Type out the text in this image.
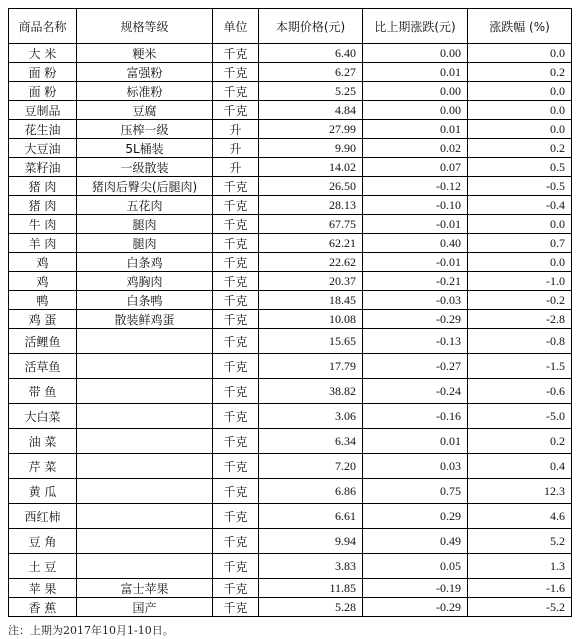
商品名称	规格等级	单位	本期价格(元)	比上期涨跌(元)	涨跌幅 (%)
大 米	粳米	千克	6.40	0.00	0.0
面 粉	富强粉	千克	6.27	0.01	0.2
面 粉	标准粉	千克	5.25	0.00	0.0
豆制品	豆腐	千克	4.84	0.00	0.0
花生油	压榨一级	升	27.99	0.01	0.0
大豆油	5L桶装	升	9.90	0.02	0.2
菜籽油	一级散装	升	14.02	0.07	0.5
猪 肉	猪肉后臀尖(后腿肉)	千克	26.50	-0.12	-0.5
猪 肉	五花肉	千克	28.13	-0.10	-0.4
牛 肉	腿肉	千克	67.75	-0.01	0.0
羊 肉	腿肉	千克	62.21	0.40	0.7
鸡	白条鸡	千克	22.62	-0.01	0.0
鸡	鸡胸肉	千克	20.37	-0.21	-1.0
鸭	白条鸭	千克	18.45	-0.03	-0.2
鸡 蛋	散装鲜鸡蛋	千克	10.08	-0.29	-2.8
活鲤鱼		千克	15.65	-0.13	-0.8
活草鱼		千克	17.79	-0.27	-1.5
带 鱼		千克	38.82	-0.24	-0.6
大白菜		千克	3.06	-0.16	-5.0
油 菜		千克	6.34	0.01	0.2
芹 菜		千克	7.20	0.03	0.4
黄 瓜		千克	6.86	0.75	12.3
西红柿		千克	6.61	0.29	4.6
豆 角		千克	9.94	0.49	5.2
土 豆		千克	3.83	0.05	1.3
苹 果	富士苹果	千克	11.85	-0.19	-1.6
香 蕉	国产	千克	5.28	-0.29	-5.2
注：上期为2017年10月1-10日。
